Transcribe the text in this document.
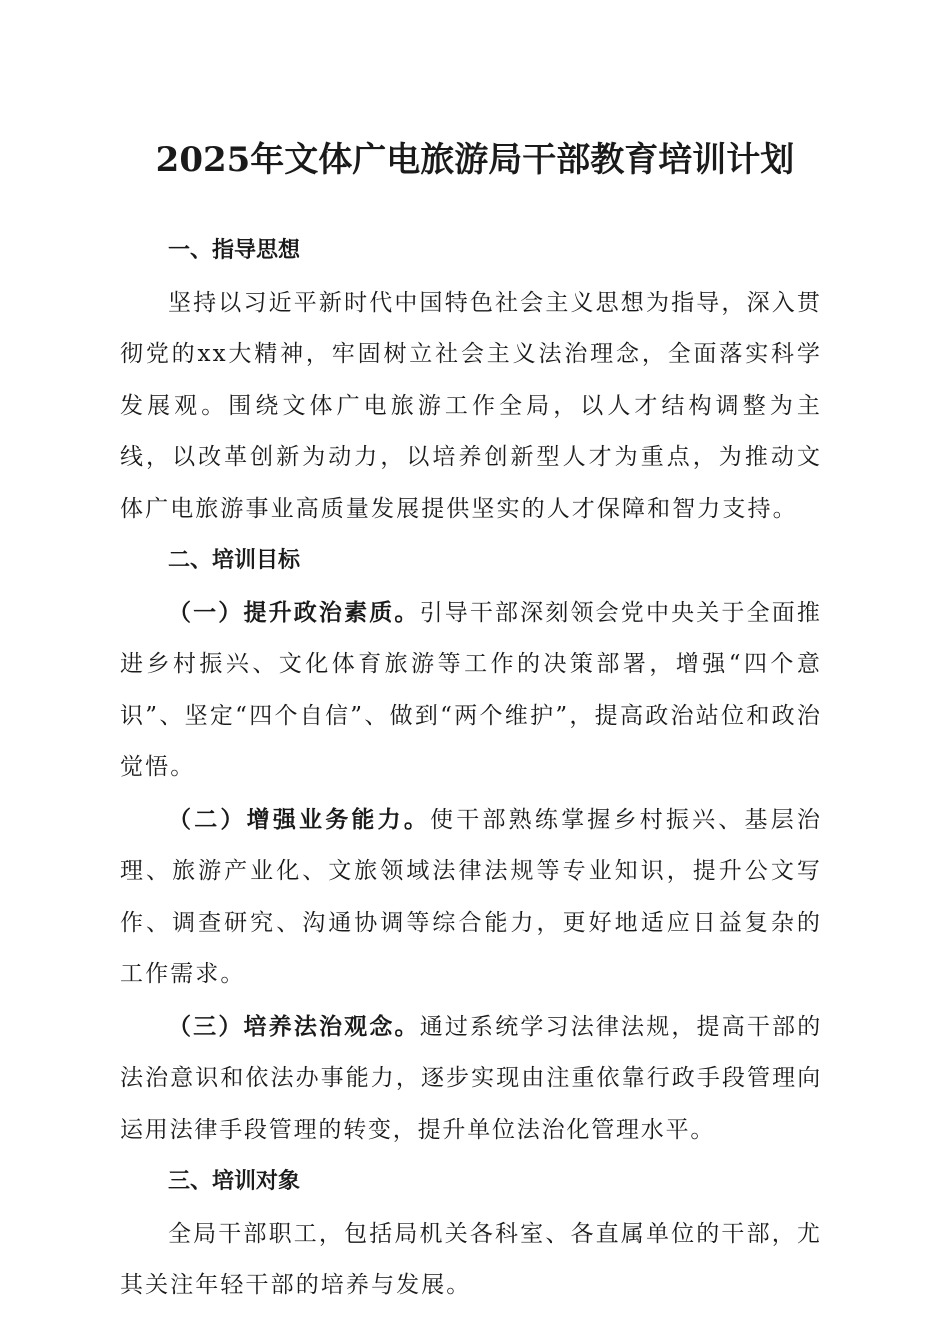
2025年文体广电旅游局干部教育培训计划
一、指导思想

坚持以习近平新时代中国特色社会主义思想为指导，深入贯彻党的xx大精神，牢固树立社会主义法治理念，全面落实科学发展观。围绕文体广电旅游工作全局，以人才结构调整为主线，以改革创新为动力，以培养创新型人才为重点，为推动文体广电旅游事业高质量发展提供坚实的人才保障和智力支持。

二、培训目标

（一）提升政治素质。引导干部深刻领会党中央关于全面推进乡村振兴、文化体育旅游等工作的决策部署，增强“四个意识”、坚定“四个自信”、做到“两个维护”，提高政治站位和政治觉悟。

（二）增强业务能力。使干部熟练掌握乡村振兴、基层治理、旅游产业化、文旅领域法律法规等专业知识，提升公文写作、调查研究、沟通协调等综合能力，更好地适应日益复杂的工作需求。

（三）培养法治观念。通过系统学习法律法规，提高干部的法治意识和依法办事能力，逐步实现由注重依靠行政手段管理向运用法律手段管理的转变，提升单位法治化管理水平。

三、培训对象

全局干部职工，包括局机关各科室、各直属单位的干部，尤其关注年轻干部的培养与发展。
